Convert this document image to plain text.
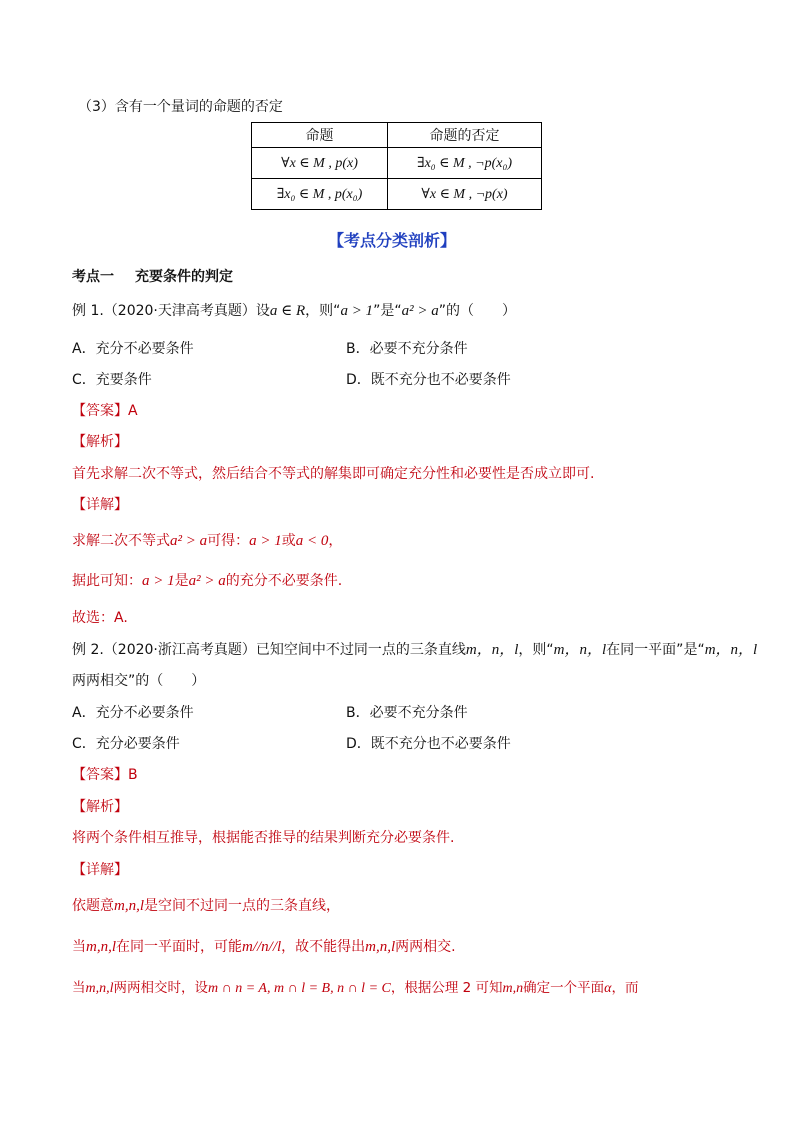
（3）含有一个量词的命题的否定
命题	命题的否定
∀x ∈ M , p(x)	∃x₀ ∈ M , ¬p(x₀)
∃x₀ ∈ M , p(x₀)	∀x ∈ M , ¬p(x)
【考点分类剖析】
考点一 充要条件的判定
例 1.（2020·天津高考真题）设a ∈ R，则“a > 1”是“a² > a”的（　　）
A．充分不必要条件	B．必要不充分条件
C．充要条件	D．既不充分也不必要条件
【答案】A
【解析】
首先求解二次不等式，然后结合不等式的解集即可确定充分性和必要性是否成立即可.
【详解】
求解二次不等式a² > a可得：a > 1或a < 0，
据此可知：a > 1是a² > a的充分不必要条件.
故选：A.
例 2.（2020·浙江高考真题）已知空间中不过同一点的三条直线m，n，l，则“m，n，l在同一平面”是“m，n，l
两两相交”的（　　）
A．充分不必要条件	B．必要不充分条件
C．充分必要条件	D．既不充分也不必要条件
【答案】B
【解析】
将两个条件相互推导，根据能否推导的结果判断充分必要条件.
【详解】
依题意m,n,l是空间不过同一点的三条直线，
当m,n,l在同一平面时，可能m//n//l，故不能得出m,n,l两两相交.
当m,n,l两两相交时，设m ∩ n = A, m ∩ l = B, n ∩ l = C，根据公理 2 可知m,n确定一个平面α，而
